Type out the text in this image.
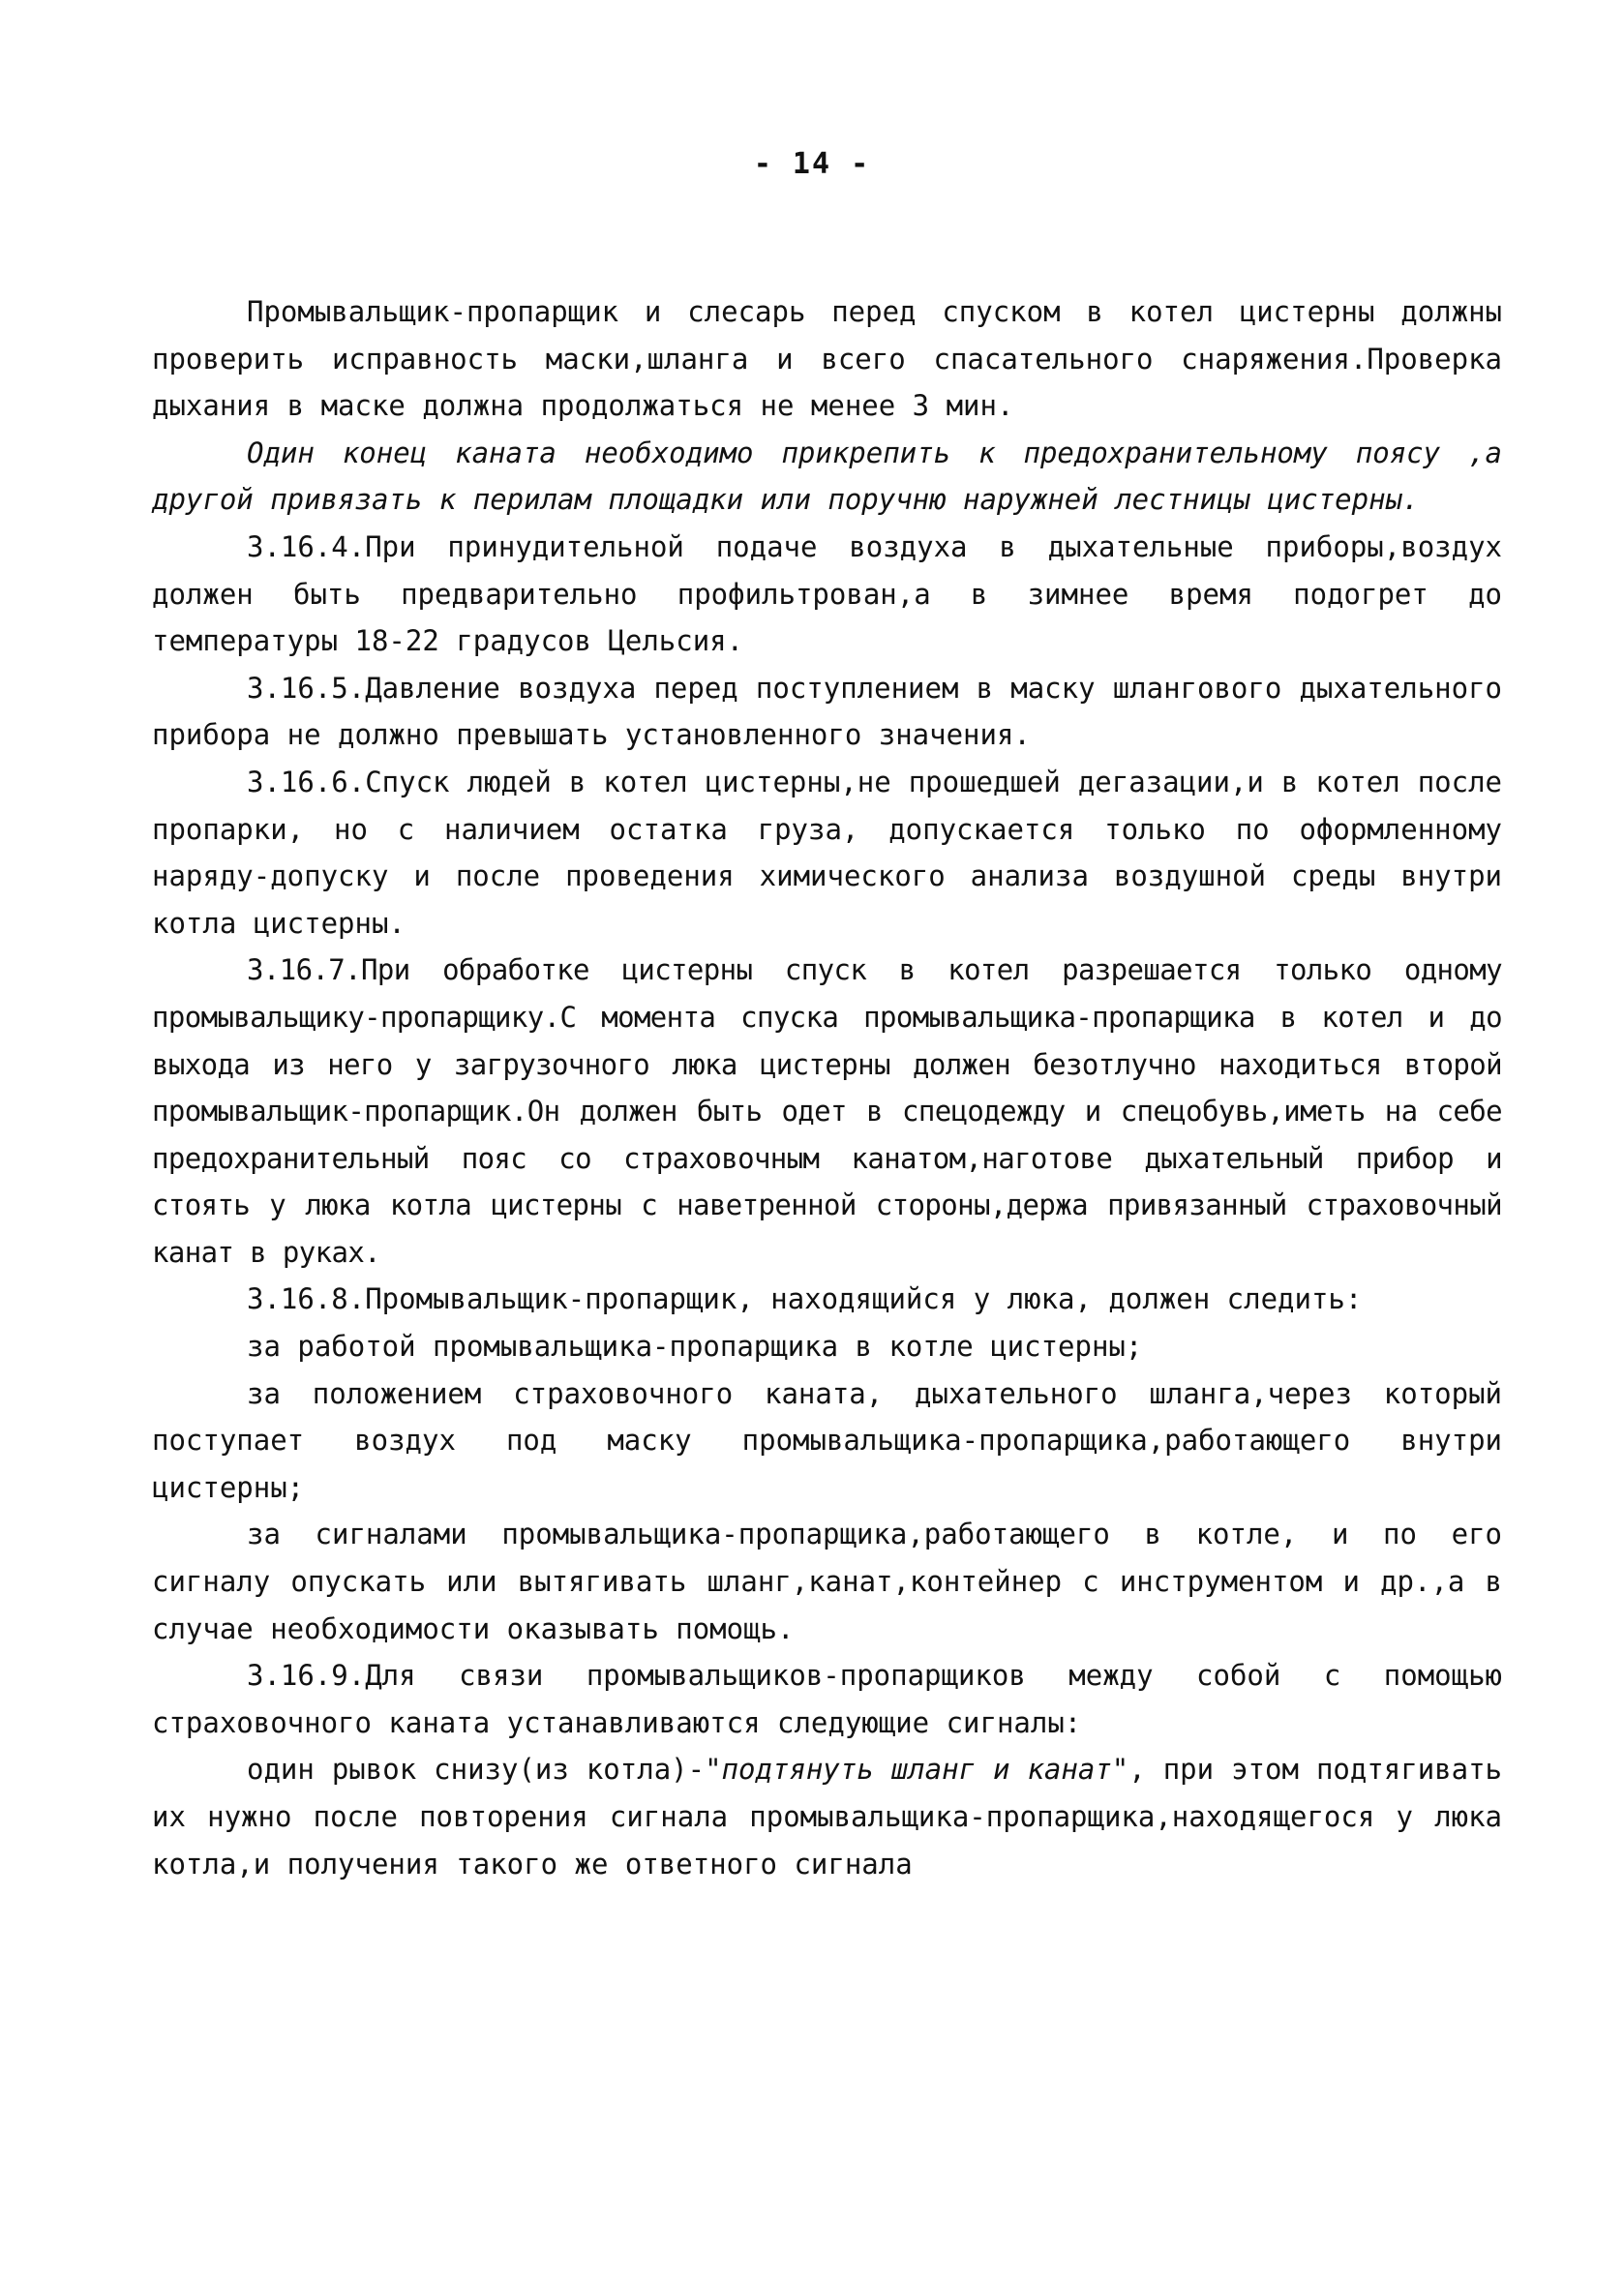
- 14 -

Промывальщик-пропарщик и слесарь перед спуском в котел цистерны должны проверить исправность маски,шланга и всего спасательного снаряжения.Проверка дыхания в маске должна продолжаться не менее 3 мин.

Один конец каната необходимо прикрепить к предохранительному поясу ,а другой привязать к перилам площадки или поручню наружней лестницы цистерны.

3.16.4.При принудительной подаче воздуха в дыхательные приборы,воздух должен быть предварительно профильтрован,а в зимнее время подогрет до температуры 18-22 градусов Цельсия.

3.16.5.Давление воздуха перед поступлением в маску шлангового дыхательного прибора не должно превышать установленного значения.

3.16.6.Спуск людей в котел цистерны,не прошедшей дегазации,и в котел после пропарки, но с наличием остатка груза, допускается только по оформленному наряду-допуску и после проведения химического анализа воздушной среды внутри котла цистерны.

3.16.7.При обработке цистерны спуск в котел разрешается только одному промывальщику-пропарщику.С момента спуска промывальщика-пропарщика в котел и до выхода из него у загрузочного люка цистерны должен безотлучно находиться второй промывальщик-пропарщик.Он должен быть одет в спецодежду и спецобувь,иметь на себе предохранительный пояс со страховочным канатом,наготове дыхательный прибор и стоять у люка котла цистерны с наветренной стороны,держа привязанный страховочный канат в руках.

3.16.8.Промывальщик-пропарщик, находящийся у люка, должен следить:

за работой промывальщика-пропарщика в котле цистерны;

за положением страховочного каната, дыхательного шланга,через который поступает воздух под маску промывальщика-пропарщика,работающего внутри цистерны;

за сигналами промывальщика-пропарщика,работающего в котле, и по его сигналу опускать или вытягивать шланг,канат,контейнер с инструментом и др.,а в случае необходимости оказывать помощь.

3.16.9.Для связи промывальщиков-пропарщиков между собой с помощью страховочного каната устанавливаются следующие сигналы:

один рывок снизу(из котла)-"подтянуть шланг и канат", при этом подтягивать их нужно после повторения сигнала промывальщика-пропарщика,находящегося у люка котла,и получения такого же ответного сигнала
